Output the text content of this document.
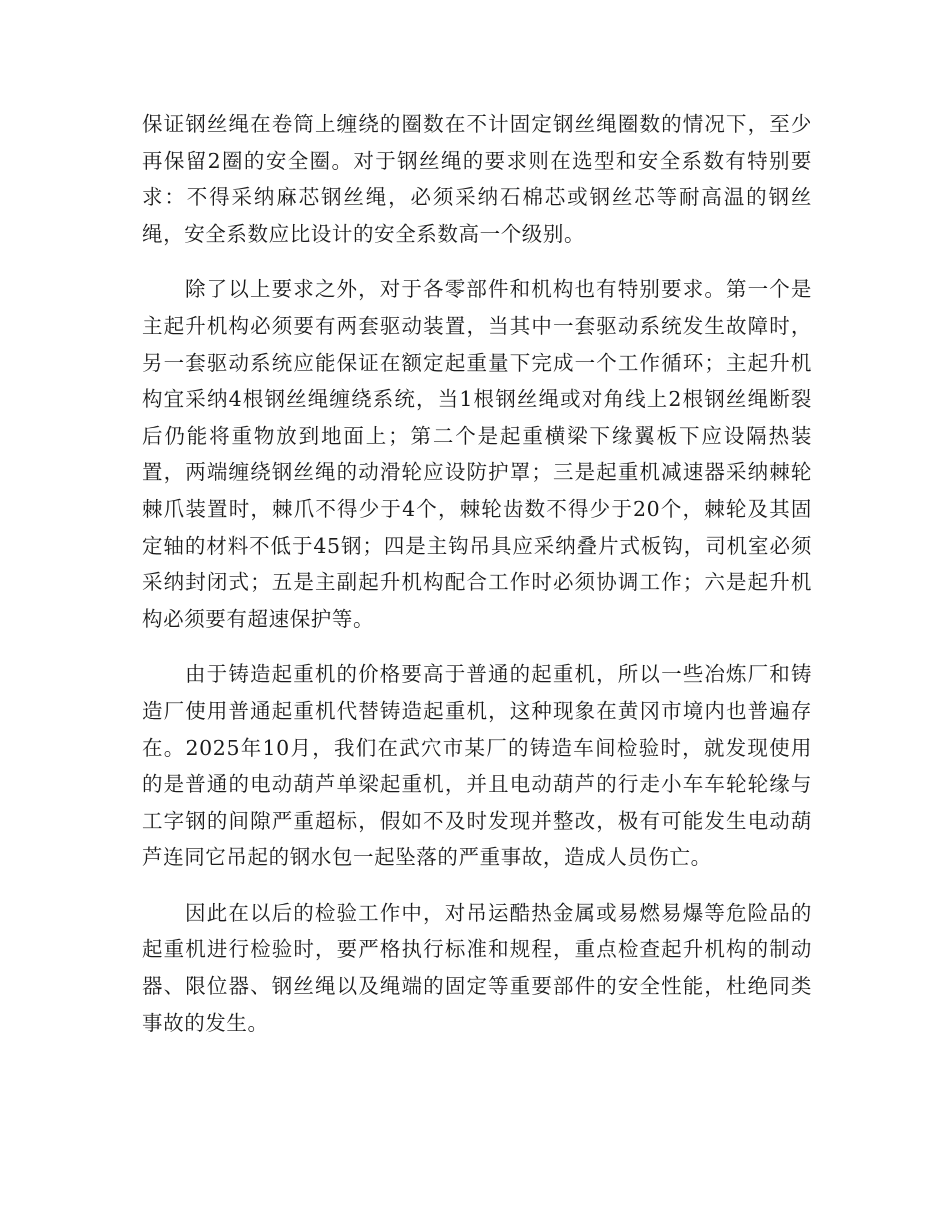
保证钢丝绳在卷筒上缠绕的圈数在不计固定钢丝绳圈数的情况下，至少再保留2圈的安全圈。对于钢丝绳的要求则在选型和安全系数有特别要求：不得采纳麻芯钢丝绳，必须采纳石棉芯或钢丝芯等耐高温的钢丝绳，安全系数应比设计的安全系数高一个级别。

除了以上要求之外，对于各零部件和机构也有特别要求。第一个是主起升机构必须要有两套驱动装置，当其中一套驱动系统发生故障时，另一套驱动系统应能保证在额定起重量下完成一个工作循环；主起升机构宜采纳4根钢丝绳缠绕系统，当1根钢丝绳或对角线上2根钢丝绳断裂后仍能将重物放到地面上；第二个是起重横梁下缘翼板下应设隔热装置，两端缠绕钢丝绳的动滑轮应设防护罩；三是起重机减速器采纳棘轮棘爪装置时，棘爪不得少于4个，棘轮齿数不得少于20个，棘轮及其固定轴的材料不低于45钢；四是主钩吊具应采纳叠片式板钩，司机室必须采纳封闭式；五是主副起升机构配合工作时必须协调工作；六是起升机构必须要有超速保护等。

由于铸造起重机的价格要高于普通的起重机，所以一些冶炼厂和铸造厂使用普通起重机代替铸造起重机，这种现象在黄冈市境内也普遍存在。2025年10月，我们在武穴市某厂的铸造车间检验时，就发现使用的是普通的电动葫芦单梁起重机，并且电动葫芦的行走小车车轮轮缘与工字钢的间隙严重超标，假如不及时发现并整改，极有可能发生电动葫芦连同它吊起的钢水包一起坠落的严重事故，造成人员伤亡。

因此在以后的检验工作中，对吊运酷热金属或易燃易爆等危险品的起重机进行检验时，要严格执行标准和规程，重点检查起升机构的制动器、限位器、钢丝绳以及绳端的固定等重要部件的安全性能，杜绝同类事故的发生。
